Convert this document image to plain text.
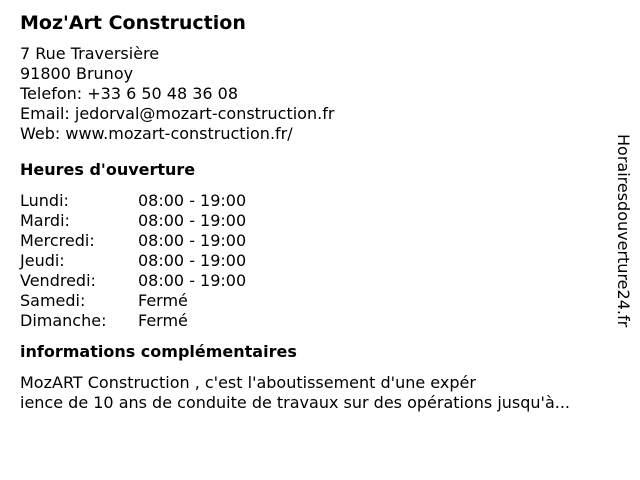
Moz'Art Construction
7 Rue Traversière
91800 Brunoy
Telefon: +33 6 50 48 36 08
Email: jedorval@mozart-construction.fr
Web: www.mozart-construction.fr/
Heures d'ouverture
Lundi:	08:00 - 19:00
Mardi:	08:00 - 19:00
Mercredi:	08:00 - 19:00
Jeudi:	08:00 - 19:00
Vendredi:	08:00 - 19:00
Samedi:	Fermé
Dimanche:	Fermé
informations complémentaires
MozART Construction , c'est l'aboutissement d'une expér
ience de 10 ans de conduite de travaux sur des opérations jusqu'à...
Horairesdouverture24.fr
